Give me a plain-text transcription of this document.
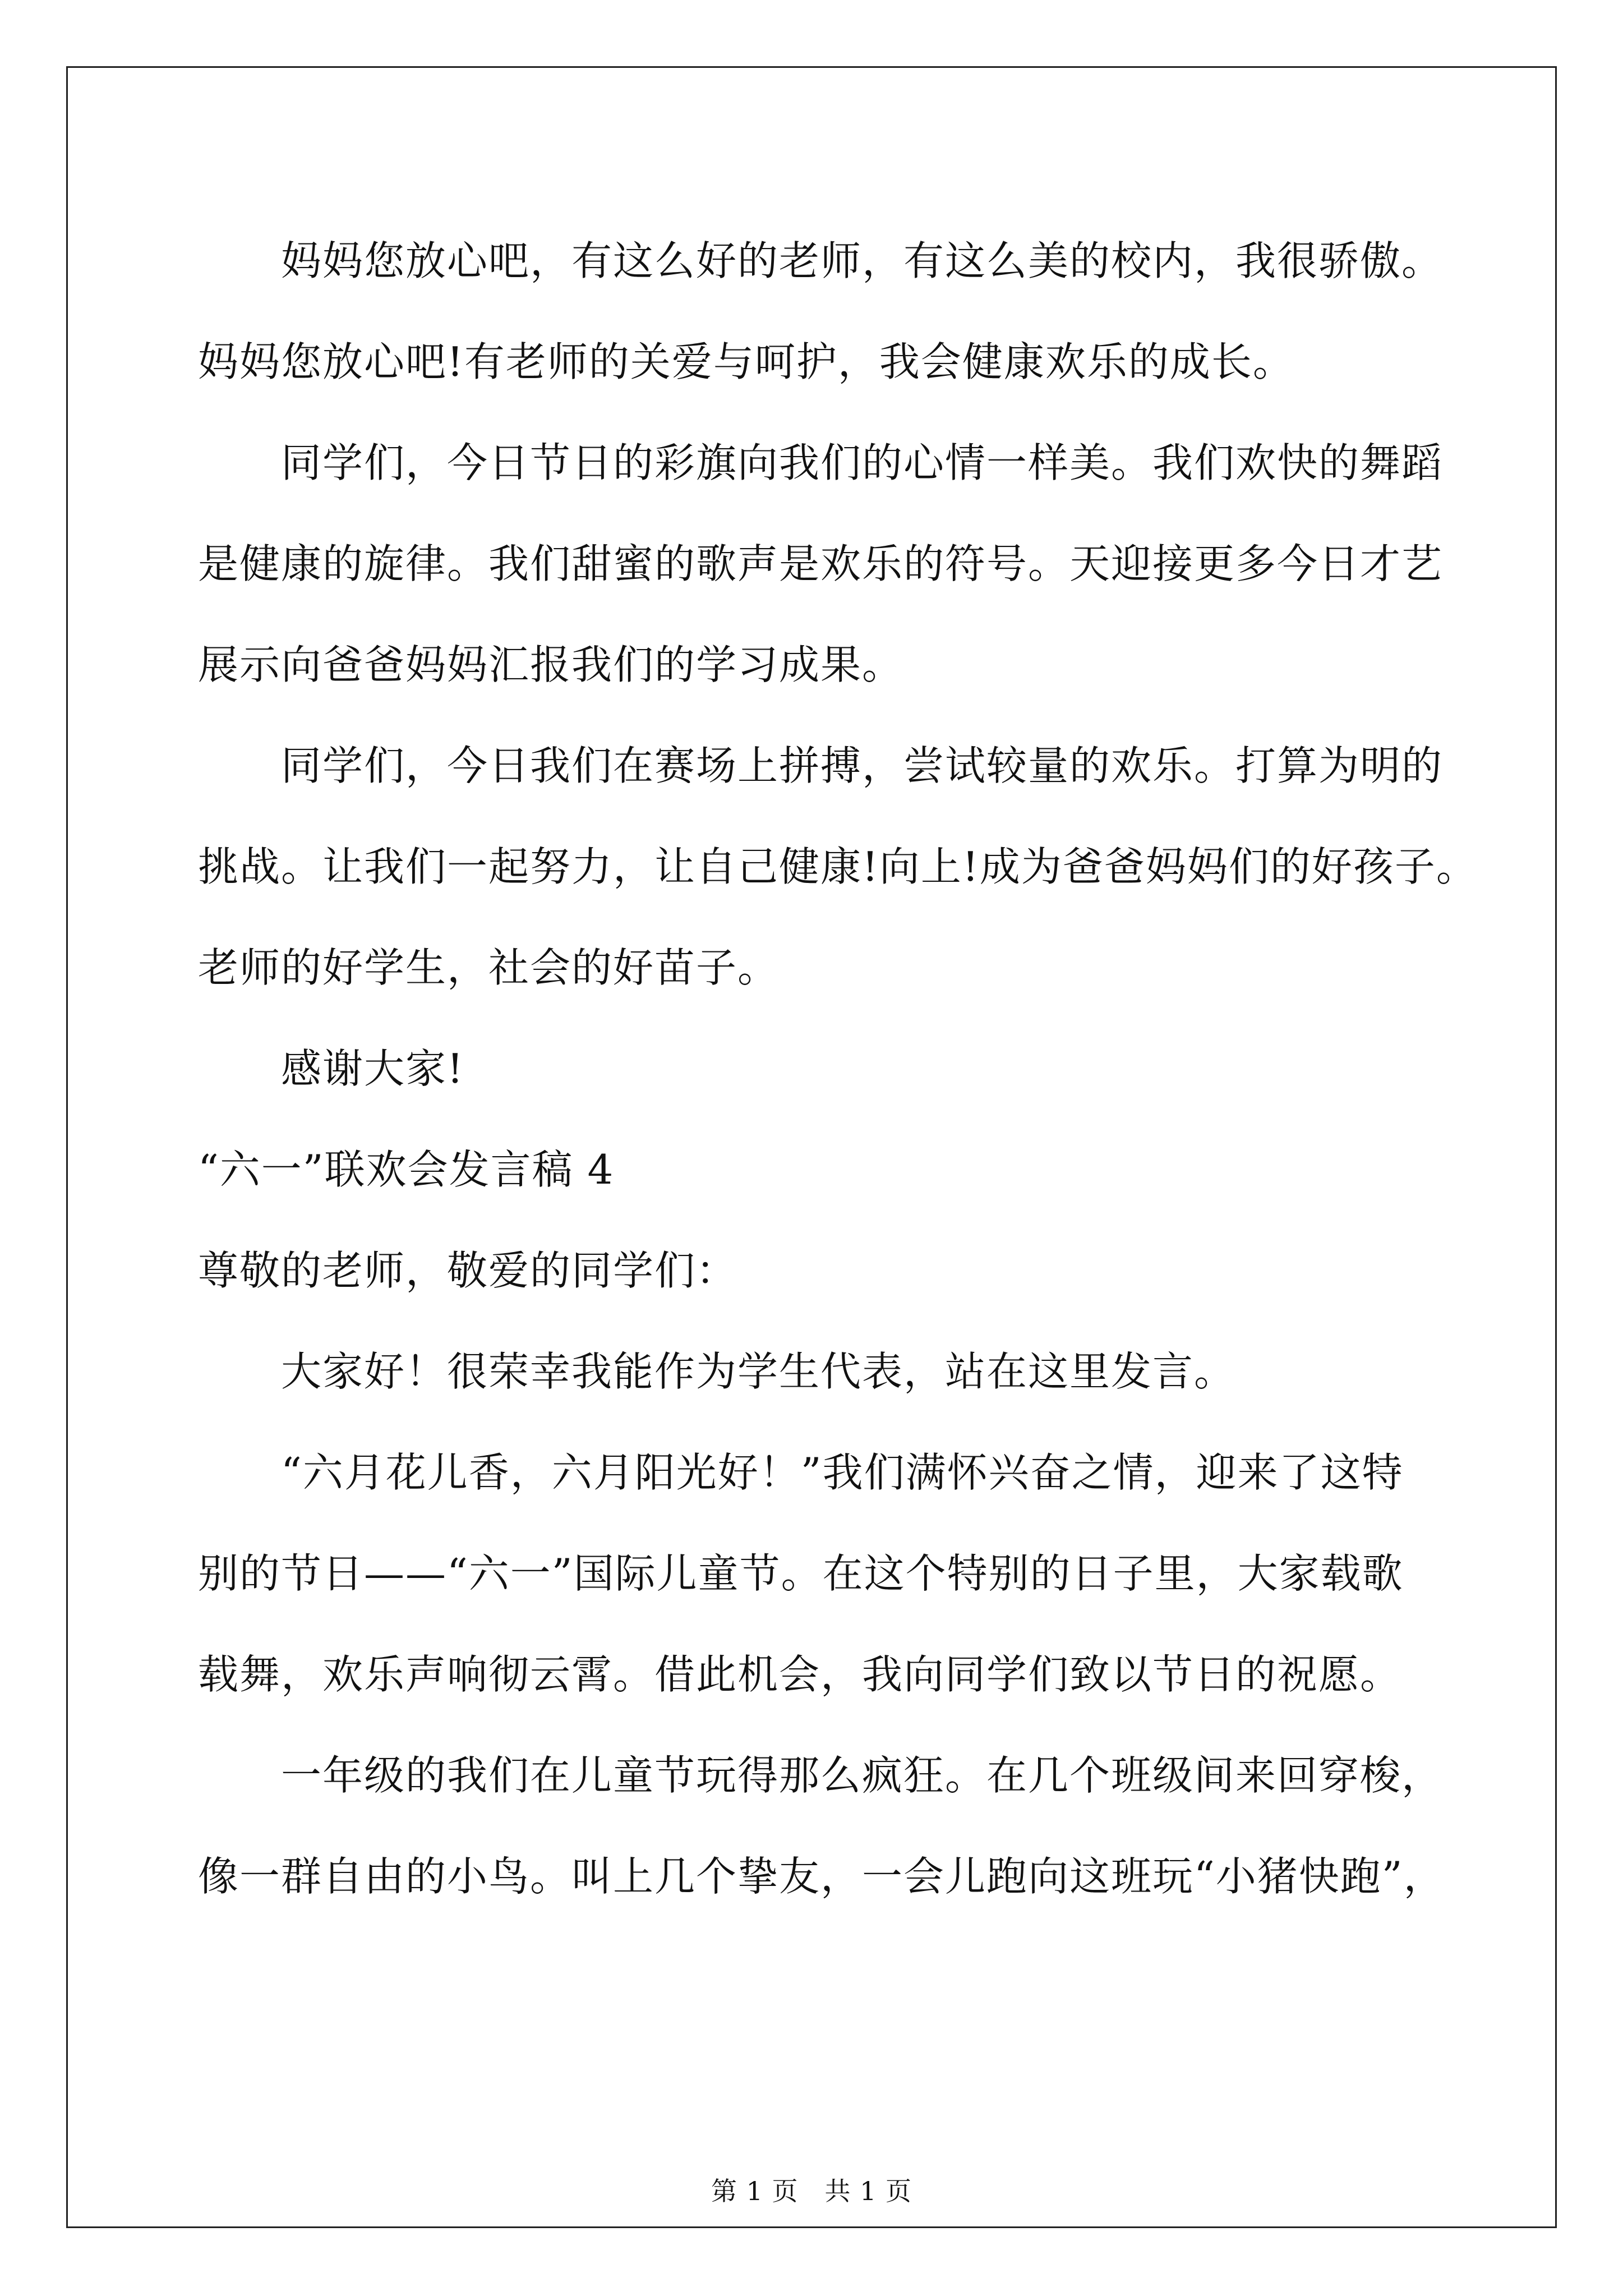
妈妈您放心吧，有这么好的老师，有这么美的校内，我很骄傲。
妈妈您放心吧!有老师的关爱与呵护，我会健康欢乐的成长。
同学们，今日节日的彩旗向我们的心情一样美。我们欢快的舞蹈
是健康的旋律。我们甜蜜的歌声是欢乐的符号。天迎接更多今日才艺
展示向爸爸妈妈汇报我们的学习成果。
同学们，今日我们在赛场上拼搏，尝试较量的欢乐。打算为明的
挑战。让我们一起努力，让自己健康!向上!成为爸爸妈妈们的好孩子。
老师的好学生，社会的好苗子。
感谢大家!
“六一”联欢会发言稿 4
尊敬的老师，敬爱的同学们：
大家好！很荣幸我能作为学生代表，站在这里发言。
“六月花儿香，六月阳光好！”我们满怀兴奋之情，迎来了这特
别的节日——“六一”国际儿童节。在这个特别的日子里，大家载歌
载舞，欢乐声响彻云霄。借此机会，我向同学们致以节日的祝愿。
一年级的我们在儿童节玩得那么疯狂。在几个班级间来回穿梭，
像一群自由的小鸟。叫上几个挚友，一会儿跑向这班玩“小猪快跑”，
第 1 页　共 1 页
